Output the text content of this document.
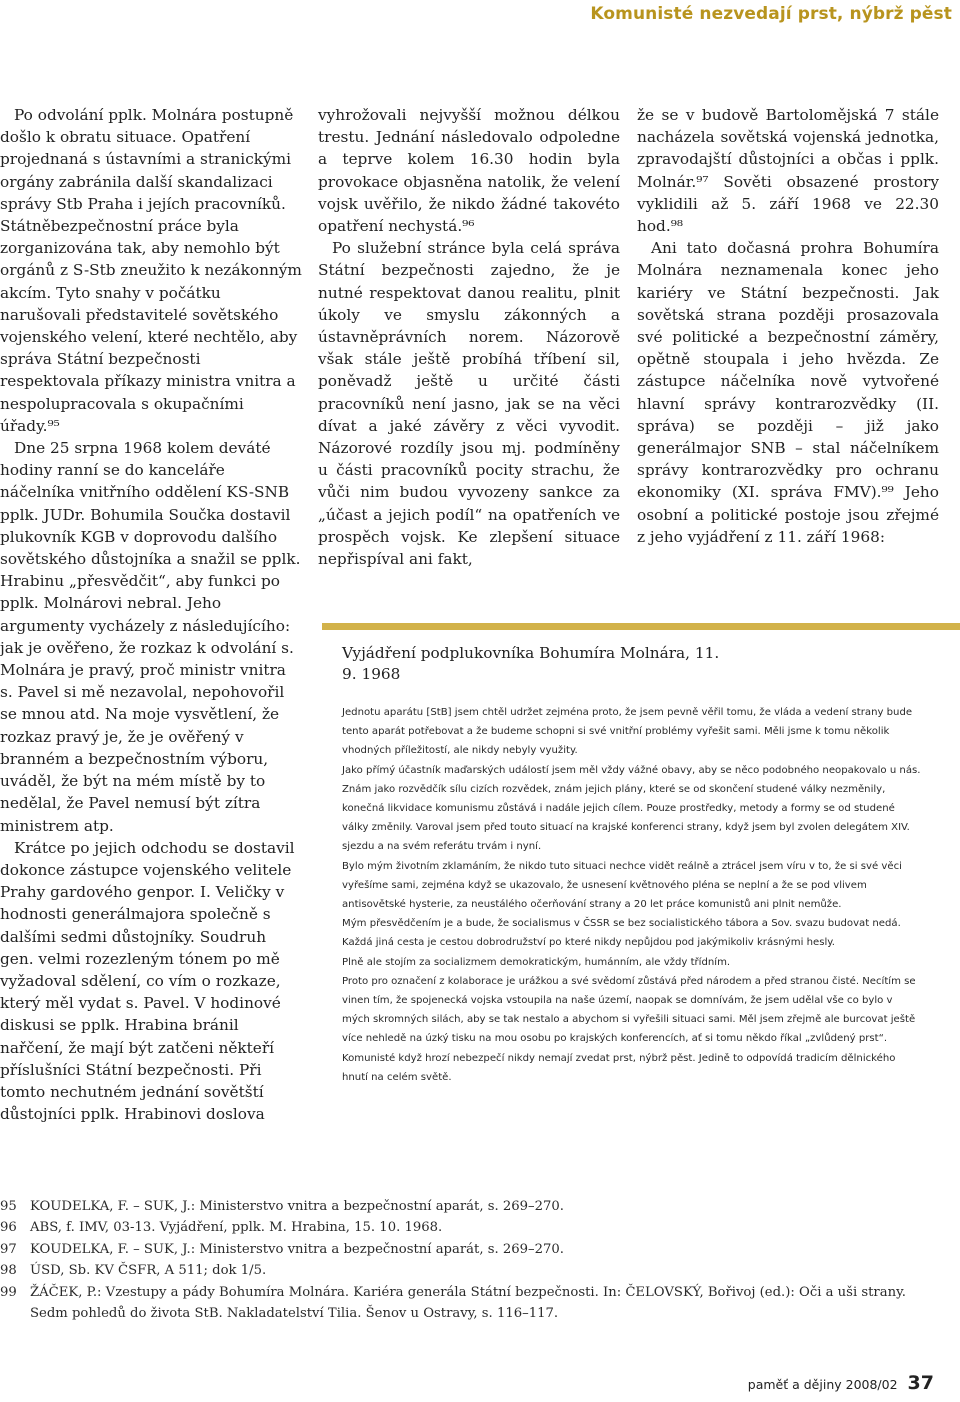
Komunisté nezvedají prst, nýbrž pěst

Po odvolání pplk. Molnára postupně došlo k obratu situace. Opatření projednaná s ústavními a stranickými orgány zabránila další skandalizaci správy Stb Praha i jejích pracovníků. Státněbezpečnostní práce byla zorganizována tak, aby nemohlo být orgánů z S-Stb zneužito k nezákonným akcím. Tyto snahy v počátku narušovali představitelé sovětského vojenského velení, které nechtělo, aby správa Státní bezpečnosti respektovala příkazy ministra vnitra a nespolupracovala s okupačními úřady.⁹⁵

Dne 25 srpna 1968 kolem deváté hodiny ranní se do kanceláře náčelníka vnitřního oddělení KS-SNB pplk. JUDr. Bohumila Součka dostavil plukovník KGB v doprovodu dalšího sovětského důstojníka a snažil se pplk. Hrabinu „přesvědčit“, aby funkci po pplk. Molnárovi nebral. Jeho argumenty vycházely z následujícího: jak je ověřeno, že rozkaz k odvolání s. Molnára je pravý, proč ministr vnitra s. Pavel si mě nezavolal, nepohovořil se mnou atd. Na moje vysvětlení, že rozkaz pravý je, že je ověřený v branném a bezpečnostním výboru, uváděl, že být na mém místě by to nedělal, že Pavel nemusí být zítra ministrem atp.

Krátce po jejich odchodu se dostavil dokonce zástupce vojenského velitele Prahy gardového genpor. I. Veličky v hodnosti generálmajora společně s dalšími sedmi důstojníky. Soudruh gen. velmi rozezleným tónem po mě vyžadoval sdělení, co vím o rozkaze, který měl vydat s. Pavel. V hodinové diskusi se pplk. Hrabina bránil nařčení, že mají být zatčeni někteří příslušníci Státní bezpečnosti. Při tomto nechutném jednání sovětští důstojníci pplk. Hrabinovi doslova

vyhrožovali nejvyšší možnou délkou trestu. Jednání následovalo odpoledne a teprve kolem 16.30 hodin byla provokace objasněna natolik, že velení vojsk uvěřilo, že nikdo žádné takovéto opatření nechystá.⁹⁶

Po služební stránce byla celá správa Státní bezpečnosti zajedno, že je nutné respektovat danou realitu, plnit úkoly ve smyslu zákonných a ústavněprávních norem. Názorově však stále ještě probíhá tříbení sil, poněvadž ještě u určité části pracovníků není jasno, jak se na věci dívat a jaké závěry z věci vyvodit. Názorové rozdíly jsou mj. podmíněny u části pracovníků pocity strachu, že vůči nim budou vyvozeny sankce za „účast a jejich podíl“ na opatřeních ve prospěch vojsk. Ke zlepšení situace nepřispíval ani fakt,

že se v budově Bartolomějská 7 stále nacházela sovětská vojenská jednotka, zpravodajští důstojníci a občas i pplk. Molnár.⁹⁷ Sověti obsazené prostory vyklidili až 5. září 1968 ve 22.30 hod.⁹⁸

Ani tato dočasná prohra Bohumíra Molnára neznamenala konec jeho kariéry ve Státní bezpečnosti. Jak sovětská strana později prosazovala své politické a bezpečnostní záměry, opětně stoupala i jeho hvězda. Ze zástupce náčelníka nově vytvořené hlavní správy kontrarozvědky (II. správa) se později – již jako generálmajor SNB – stal náčelníkem správy kontrarozvědky pro ochranu ekonomiky (XI. správa FMV).⁹⁹ Jeho osobní a politické postoje jsou zřejmé z jeho vyjádření z 11. září 1968:

Vyjádření podplukovníka Bohumíra Molnára, 11. 9. 1968

Jednotu aparátu [StB] jsem chtěl udržet zejména proto, že jsem pevně věřil tomu, že vláda a vedení strany bude tento aparát potřebovat a že budeme schopni si své vnitřní problémy vyřešit sami. Měli jsme k tomu několik vhodných příležitostí, ale nikdy nebyly využity.

Jako přímý účastník maďarských událostí jsem měl vždy vážné obavy, aby se něco podobného neopakovalo u nás. Znám jako rozvědčík sílu cizích rozvědek, znám jejich plány, které se od skončení studené války nezměnily, konečná likvidace komunismu zůstává i nadále jejich cílem. Pouze prostředky, metody a formy se od studené války změnily. Varoval jsem před touto situací na krajské konferenci strany, když jsem byl zvolen delegátem XIV. sjezdu a na svém referátu trvám i nyní.

Bylo mým životním zklamáním, že nikdo tuto situaci nechce vidět reálně a ztrácel jsem víru v to, že si své věci vyřešíme sami, zejména když se ukazovalo, že usnesení květnového pléna se neplní a že se pod vlivem antisovětské hysterie, za neustálého očerňování strany a 20 let práce komunistů ani plnit nemůže.

Mým přesvědčením je a bude, že socialismus v ČSSR se bez socialistického tábora a Sov. svazu budovat nedá. Každá jiná cesta je cestou dobrodružství po které nikdy nepůjdou pod jakýmikoliv krásnými hesly.

Plně ale stojím za socializmem demokratickým, humánním, ale vždy třídním.

Proto pro označení z kolaborace je urážkou a své svědomí zůstává před národem a před stranou čisté. Necítím se vinen tím, že spojenecká vojska vstoupila na naše území, naopak se domnívám, že jsem udělal vše co bylo v mých skromných silách, aby se tak nestalo a abychom si vyřešili situaci sami. Měl jsem zřejmě ale burcovat ještě více nehledě na úzký tisku na mou osobu po krajských konferencích, ať si tomu někdo říkal „zvlůdený prst“. Komunisté když hrozí nebezpečí nikdy nemají zvedat prst, nýbrž pěst. Jedině to odpovídá tradicím dělnického hnutí na celém světě.

95	KOUDELKA, F. – SUK, J.: Ministerstvo vnitra a bezpečnostní aparát, s. 269–270.
96	ABS, f. IMV, 03-13. Vyjádření, pplk. M. Hrabina, 15. 10. 1968.
97	KOUDELKA, F. – SUK, J.: Ministerstvo vnitra a bezpečnostní aparát, s. 269–270.
98	ÚSD, Sb. KV ČSFR, A 511; dok 1/5.
99	ŽÁČEK, P.: Vzestupy a pády Bohumíra Molnára. Kariéra generála Státní bezpečnosti. In: ČELOVSKÝ, Bořivoj (ed.): Oči a uši strany. Sedm pohledů do života StB. Nakladatelství Tilia. Šenov u Ostravy, s. 116–117.
paměť a dějiny 2008/02 37
